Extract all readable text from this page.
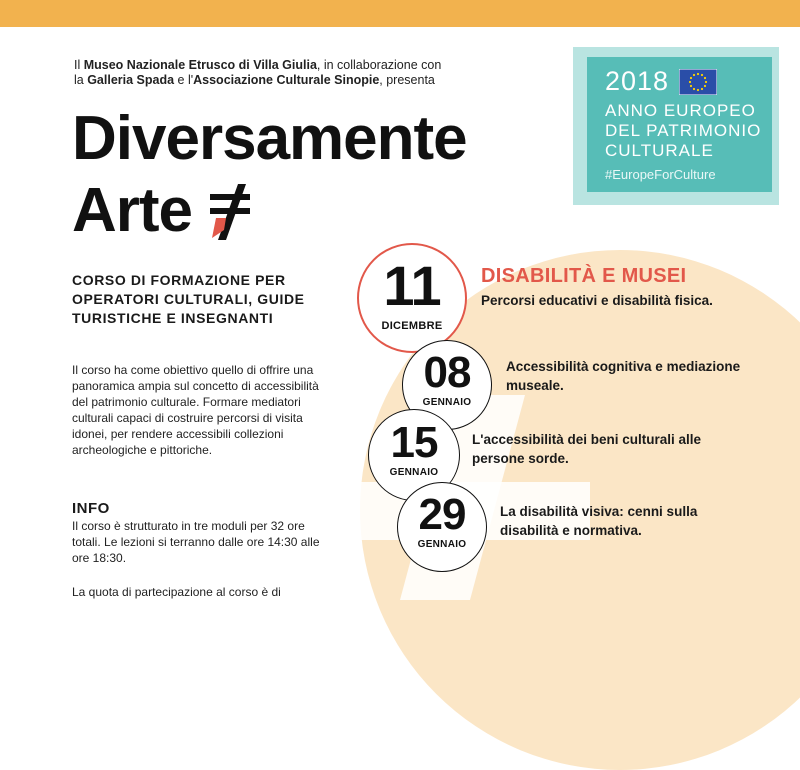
Il Museo Nazionale Etrusco di Villa Giulia, in collaborazione con
la Galleria Spada e l'Associazione Culturale Sinopie, presenta
Diversamente
Arte
2018
ANNO EUROPEO
DEL PATRIMONIO
CULTURALE
#EuropeForCulture
CORSO DI FORMAZIONE PER OPERATORI CULTURALI, GUIDE TURISTICHE E INSEGNANTI
Il corso ha come obiettivo quello di offrire una panoramica ampia sul concetto di accessibilità del patrimonio culturale. Formare mediatori culturali capaci di costruire percorsi di visita idonei, per rendere accessibili collezioni archeologiche e pittoriche.
INFO
Il corso è strutturato in tre moduli per 32 ore totali. Le lezioni si terranno dalle ore 14:30 alle ore 18:30.
La quota di partecipazione al corso è di
11
DICEMBRE
08
GENNAIO
15
GENNAIO
29
GENNAIO
DISABILITÀ E MUSEI
Percorsi educativi e disabilità fisica.
Accessibilità cognitiva e mediazione museale.
L'accessibilità dei beni culturali alle persone sorde.
La disabilità visiva: cenni sulla disabilità e normativa.
